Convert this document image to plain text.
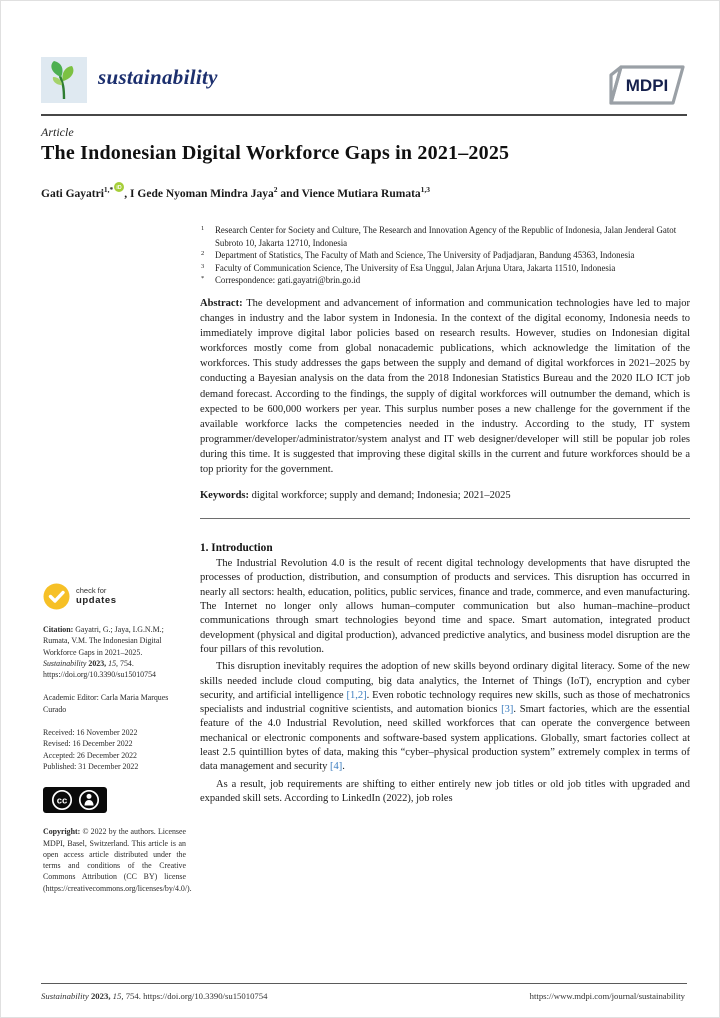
sustainability	MDPI
Article
The Indonesian Digital Workforce Gaps in 2021–2025
Gati Gayatri$^{1,*}$ iD , I Gede Nyoman Mindra Jaya$^2$ and Vience Mutiara Rumata$^{1,3}$
1 Research Center for Society and Culture, The Research and Innovation Agency of the Republic of Indonesia, Jalan Jenderal Gatot Subroto 10, Jakarta 12710, Indonesia
2 Department of Statistics, The Faculty of Math and Science, The University of Padjadjaran, Bandung 45363, Indonesia
3 Faculty of Communication Science, The University of Esa Unggul, Jalan Arjuna Utara, Jakarta 11510, Indonesia
* Correspondence: gati.gayatri@brin.go.id

Abstract: The development and advancement of information and communication technologies have led to major changes in industry and the labor system in Indonesia. In the context of the digital economy, Indonesia needs to immediately improve digital labor policies based on research results. However, studies on Indonesian digital workforces mostly come from global nonacademic publications, which acknowledge the limitation of the workforces. This study addresses the gaps between the supply and demand of digital workforces in 2021–2025 by conducting a Bayesian analysis on the data from the 2018 Indonesian Statistics Bureau and the 2020 ILO ICT job demand forecast. According to the findings, the supply of digital workforces will outnumber the demand, which is expected to be 600,000 workers per year. This surplus number poses a new challenge for the government if the available workforce lacks the competencies needed in the industry. According to the study, IT system programmer/developer/administrator/system analyst and IT web designer/developer will still be popular job roles during this time. It is suggested that improving these digital skills in the current and future workforces should be a top priority for the government.

Keywords: digital workforce; supply and demand; Indonesia; 2021–2025

1. Introduction

The Industrial Revolution 4.0 is the result of recent digital technology developments that have disrupted the processes of production, distribution, and consumption of products and services. This disruption has occurred in nearly all sectors: health, education, politics, public services, finance and trade, commerce, and even manufacturing. The Internet no longer only allows human–computer communication but also human–machine–product communications through smart technologies beyond time and space. Smart automation, integrated product development (physical and digital production), advanced predictive analytics, and business model disruption are the four pillars of this revolution.

This disruption inevitably requires the adoption of new skills beyond ordinary digital literacy. Some of the new skills needed include cloud computing, big data analytics, the Internet of Things (IoT), encryption and cyber security, and artificial intelligence [1,2]. Even robotic technology requires new skills, such as those of mechatronics specialists and industrial cognitive scientists, and automation bionics [3]. Smart factories, which are the essential feature of the 4.0 Industrial Revolution, need skilled workforces that can operate the convergence between mechanical or electronic components and software-based system applications. Globally, smart factories collect at least 2.5 quintillion bytes of data, making this “cyber–physical production system” extremely complex in terms of data management and security [4].

As a result, job requirements are shifting to either entirely new job titles or old job titles with upgraded and expanded skill sets. According to LinkedIn (2022), job roles

check for
updates
Citation: Gayatri, G.; Jaya, I.G.N.M.; Rumata, V.M. The Indonesian Digital Workforce Gaps in 2021–2025. Sustainability 2023, 15, 754. https://doi.org/10.3390/su15010754
Academic Editor: Carla Maria Marques Curado
Received: 16 November 2022
Revised: 16 December 2022
Accepted: 26 December 2022
Published: 31 December 2022
cc
Copyright: © 2022 by the authors. Licensee MDPI, Basel, Switzerland. This article is an open access article distributed under the terms and conditions of the Creative Commons Attribution (CC BY) license (https://creativecommons.org/licenses/by/4.0/).
Sustainability 2023, 15, 754. https://doi.org/10.3390/su15010754	https://www.mdpi.com/journal/sustainability
